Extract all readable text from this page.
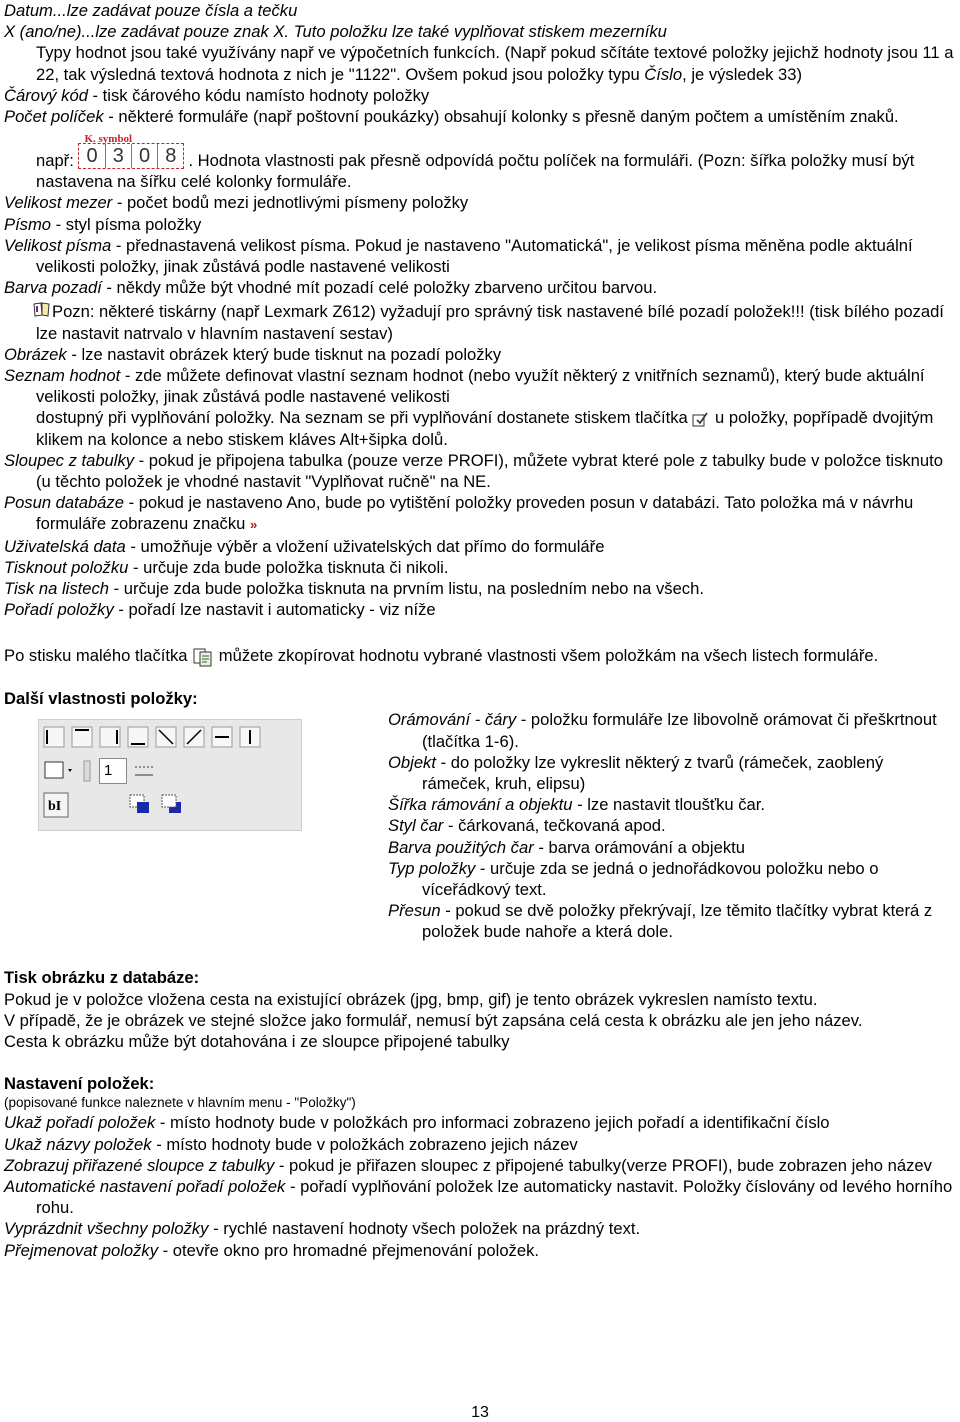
Datum...lze zadávat pouze čísla a tečku

X (ano/ne)...lze zadávat pouze znak X. Tuto položku lze také vyplňovat stiskem mezerníku

Typy hodnot jsou také využívány např ve výpočetních funkcích. (Např pokud sčítáte textové položky jejichž hodnoty jsou 11 a 22, tak výsledná textová hodnota z nich je "1122". Ovšem pokud jsou položky typu Číslo, je výsledek 33)

Čárový kód - tisk čárového kódu namísto hodnoty položky

Počet políček - některé formuláře (např poštovní poukázky) obsahují kolonky s přesně daným počtem a umístěním znaků.

např:
K. symbol
0 3 0 8 . Hodnota vlastnosti pak přesně odpovídá počtu políček na formuláři. (Pozn: šířka položky musí být nastavena na šířku celé kolonky formuláře.

Velikost mezer - počet bodů mezi jednotlivými písmeny položky

Písmo - styl písma položky

Velikost písma - přednastavená velikost písma. Pokud je nastaveno "Automatická", je velikost písma měněna podle aktuální velikosti položky, jinak zůstává podle nastavené velikosti

Barva pozadí - někdy může být vhodné mít pozadí celé položky zbarveno určitou barvou.

Pozn: některé tiskárny (např Lexmark Z612) vyžadují pro správný tisk nastavené bílé pozadí položek!!! (tisk bílého pozadí lze nastavit natrvalo v hlavním nastavení sestav)

Obrázek - lze nastavit obrázek který bude tisknut na pozadí položky

Seznam hodnot - zde můžete definovat vlastní seznam hodnot (nebo využít některý z vnitřních seznamů), který bude aktuální velikosti položky, jinak zůstává podle nastavené velikosti
dostupný při vyplňování položky. Na seznam se při vyplňování dostanete stiskem tlačítka  u položky, popřípadě dvojitým klikem na kolonce a nebo stiskem kláves Alt+šipka dolů.

Sloupec z tabulky - pokud je připojena tabulka (pouze verze PROFI), můžete vybrat které pole z tabulky bude v položce tisknuto (u těchto položek je vhodné nastavit "Vyplňovat ručně" na NE.

Posun databáze - pokud je nastaveno Ano, bude po vytištění položky proveden posun v databázi. Tato položka má v návrhu formuláře zobrazenu značku »

Uživatelská data - umožňuje výběr a vložení uživatelských dat přímo do formuláře

Tisknout položku - určuje zda bude položka tisknuta či nikoli.

Tisk na listech - určuje zda bude položka tisknuta na prvním listu, na posledním nebo na všech.

Pořadí položky - pořadí lze nastavit i automaticky - viz níže

Po stisku malého tlačítka  můžete zkopírovat hodnotu vybrané vlastnosti všem položkám na všech listech formuláře.

Další vlastnosti položky:

1
bI

Orámování - čáry - položku formuláře lze libovolně orámovat či přeškrtnout (tlačítka 1-6).

Objekt - do položky lze vykreslit některý z tvarů (rámeček, zaoblený rámeček, kruh, elipsu)

Šířka rámování a objektu - lze nastavit tloušťku čar.

Styl čar - čárkovaná, tečkovaná apod.

Barva použitých čar - barva orámování a objektu

Typ položky - určuje zda se jedná o jednořádkovou položku nebo o víceřádkový text.

Přesun - pokud se dvě položky překrývají, lze těmito tlačítky vybrat která z položek bude nahoře a která dole.

Tisk obrázku z databáze:

Pokud je v položce vložena cesta na existující obrázek (jpg, bmp, gif) je tento obrázek vykreslen namísto textu.

V případě, že je obrázek ve stejné složce jako formulář, nemusí být zapsána celá cesta k obrázku ale jen jeho název.

Cesta k obrázku může být dotahována i ze sloupce připojené tabulky

Nastavení položek:

(popisované funkce naleznete v hlavním menu - "Položky")

Ukaž pořadí položek - místo hodnoty bude v položkách pro informaci zobrazeno jejich pořadí a identifikační číslo

Ukaž názvy položek - místo hodnoty bude v položkách zobrazeno jejich název

Zobrazuj přiřazené sloupce z tabulky - pokud je přiřazen sloupec z připojené tabulky(verze PROFI), bude zobrazen jeho název

Automatické nastavení pořadí položek - pořadí vyplňování položek lze automaticky nastavit. Položky číslovány od levého horního rohu.

Vyprázdnit všechny položky - rychlé nastavení hodnoty všech položek na prázdný text.

Přejmenovat položky - otevře okno pro hromadné přejmenování položek.

13
